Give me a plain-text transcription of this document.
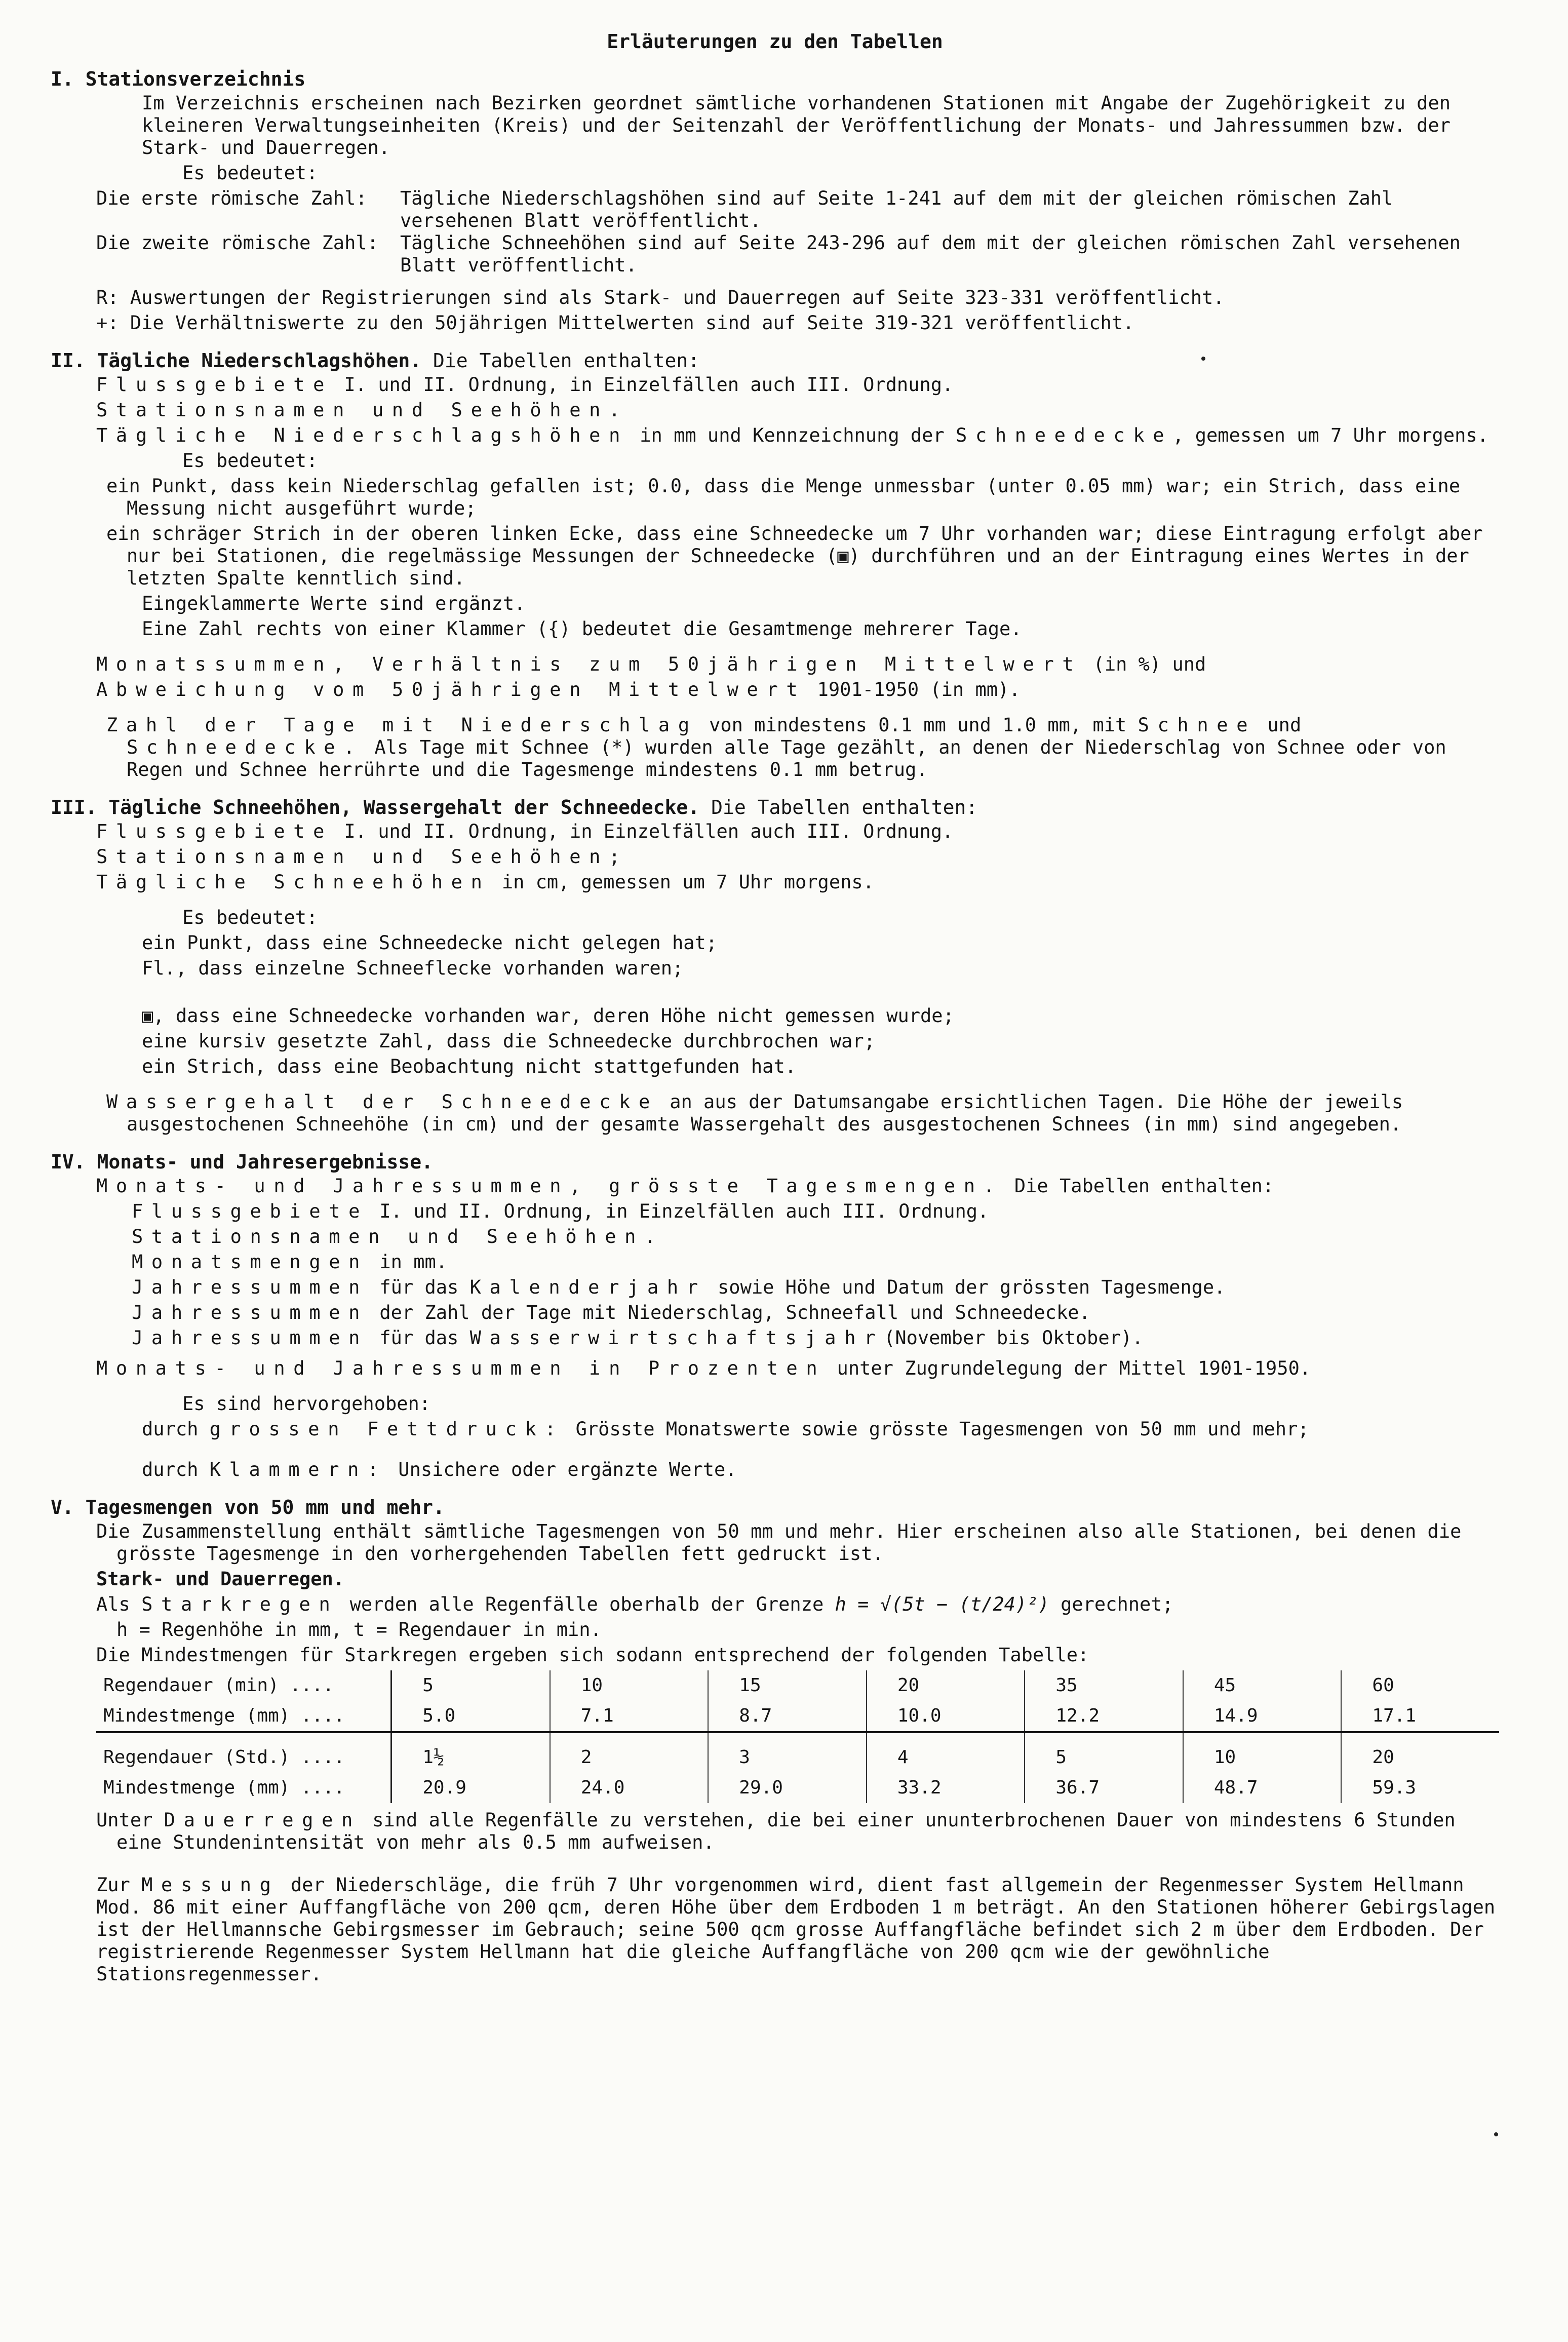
Erläuterungen zu den Tabellen
I. Stationsverzeichnis

Im Verzeichnis erscheinen nach Bezirken geordnet sämtliche vorhandenen Stationen mit Angabe der Zugehörigkeit zu den kleineren Verwaltungseinheiten (Kreis) und der Seitenzahl der Veröffentlichung der Monats- und Jahressummen bzw. der Stark- und Dauerregen.

Es bedeutet:

Die erste römische Zahl:	Tägliche Niederschlagshöhen sind auf Seite 1-241 auf dem mit der gleichen römischen Zahl versehenen Blatt veröffentlicht.
Die zweite römische Zahl:	Tägliche Schneehöhen sind auf Seite 243-296 auf dem mit der gleichen römischen Zahl versehenen Blatt veröffentlicht.

R: Auswertungen der Registrierungen sind als Stark- und Dauerregen auf Seite 323-331 veröffentlicht.

+: Die Verhältniswerte zu den 50jährigen Mittelwerten sind auf Seite 319-321 veröffentlicht.

II. Tägliche Niederschlagshöhen. Die Tabellen enthalten:

Flussgebiete I. und II. Ordnung, in Einzelfällen auch III. Ordnung.

Stationsnamen und Seehöhen.

Tägliche Niederschlagshöhen in mm und Kennzeichnung der Schneedecke, gemessen um 7 Uhr morgens.

Es bedeutet:

ein Punkt, dass kein Niederschlag gefallen ist; 0.0, dass die Menge unmessbar (unter 0.05 mm) war; ein Strich, dass eine Messung nicht ausgeführt wurde;

ein schräger Strich in der oberen linken Ecke, dass eine Schneedecke um 7 Uhr vorhanden war; diese Eintragung erfolgt aber nur bei Stationen, die regelmässige Messungen der Schneedecke (▣) durchführen und an der Eintragung eines Wertes in der letzten Spalte kenntlich sind.

Eingeklammerte Werte sind ergänzt.

Eine Zahl rechts von einer Klammer ({) bedeutet die Gesamtmenge mehrerer Tage.

Monatssummen, Verhältnis zum 50jährigen Mittelwert (in %) und

Abweichung vom 50jährigen Mittelwert 1901-1950 (in mm).

Zahl der Tage mit Niederschlag von mindestens 0.1 mm und 1.0 mm, mit Schnee und Schneedecke. Als Tage mit Schnee (*) wurden alle Tage gezählt, an denen der Niederschlag von Schnee oder von Regen und Schnee herrührte und die Tagesmenge mindestens 0.1 mm betrug.

III. Tägliche Schneehöhen, Wassergehalt der Schneedecke. Die Tabellen enthalten:

Flussgebiete I. und II. Ordnung, in Einzelfällen auch III. Ordnung.

Stationsnamen und Seehöhen;

Tägliche Schneehöhen in cm, gemessen um 7 Uhr morgens.

Es bedeutet:

ein Punkt, dass eine Schneedecke nicht gelegen hat;

Fl., dass einzelne Schneeflecke vorhanden waren;

▣, dass eine Schneedecke vorhanden war, deren Höhe nicht gemessen wurde;

eine kursiv gesetzte Zahl, dass die Schneedecke durchbrochen war;

ein Strich, dass eine Beobachtung nicht stattgefunden hat.

Wassergehalt der Schneedecke an aus der Datumsangabe ersichtlichen Tagen. Die Höhe der jeweils ausgestochenen Schneehöhe (in cm) und der gesamte Wassergehalt des ausgestochenen Schnees (in mm) sind angegeben.

IV. Monats- und Jahresergebnisse.

Monats- und Jahressummen, grösste Tagesmengen. Die Tabellen enthalten:

Flussgebiete I. und II. Ordnung, in Einzelfällen auch III. Ordnung.

Stationsnamen und Seehöhen.

Monatsmengen in mm.

Jahressummen für das Kalenderjahr sowie Höhe und Datum der grössten Tagesmenge.

Jahressummen der Zahl der Tage mit Niederschlag, Schneefall und Schneedecke.

Jahressummen für das Wasserwirtschaftsjahr(November bis Oktober).

Monats- und Jahressummen in Prozenten unter Zugrundelegung der Mittel 1901-1950.

Es sind hervorgehoben:

durch grossen Fettdruck: Grösste Monatswerte sowie grösste Tagesmengen von 50 mm und mehr;

durch Klammern: Unsichere oder ergänzte Werte.

V. Tagesmengen von 50 mm und mehr.

Die Zusammenstellung enthält sämtliche Tagesmengen von 50 mm und mehr. Hier erscheinen also alle Stationen, bei denen die grösste Tagesmenge in den vorhergehenden Tabellen fett gedruckt ist.

Stark- und Dauerregen.

Als Starkregen werden alle Regenfälle oberhalb der Grenze h = √(5t − (t/24)²) gerechnet;

h = Regenhöhe in mm, t = Regendauer in min.

Die Mindestmengen für Starkregen ergeben sich sodann entsprechend der folgenden Tabelle:

Regendauer (min) ....	5	10	15	20	35	45	60
Mindestmenge (mm) ....	5.0	7.1	8.7	10.0	12.2	14.9	17.1
Regendauer (Std.) ....	1½	2	3	4	5	10	20
Mindestmenge (mm) ....	20.9	24.0	29.0	33.2	36.7	48.7	59.3

Unter Dauerregen sind alle Regenfälle zu verstehen, die bei einer ununterbrochenen Dauer von mindestens 6 Stunden eine Stundenintensität von mehr als 0.5 mm aufweisen.

Zur Messung der Niederschläge, die früh 7 Uhr vorgenommen wird, dient fast allgemein der Regenmesser System Hellmann Mod. 86 mit einer Auffangfläche von 200 qcm, deren Höhe über dem Erdboden 1 m beträgt. An den Stationen höherer Gebirgslagen ist der Hellmannsche Gebirgsmesser im Gebrauch; seine 500 qcm grosse Auffangfläche befindet sich 2 m über dem Erdboden. Der registrierende Regenmesser System Hellmann hat die gleiche Auffangfläche von 200 qcm wie der gewöhnliche Stationsregenmesser.
